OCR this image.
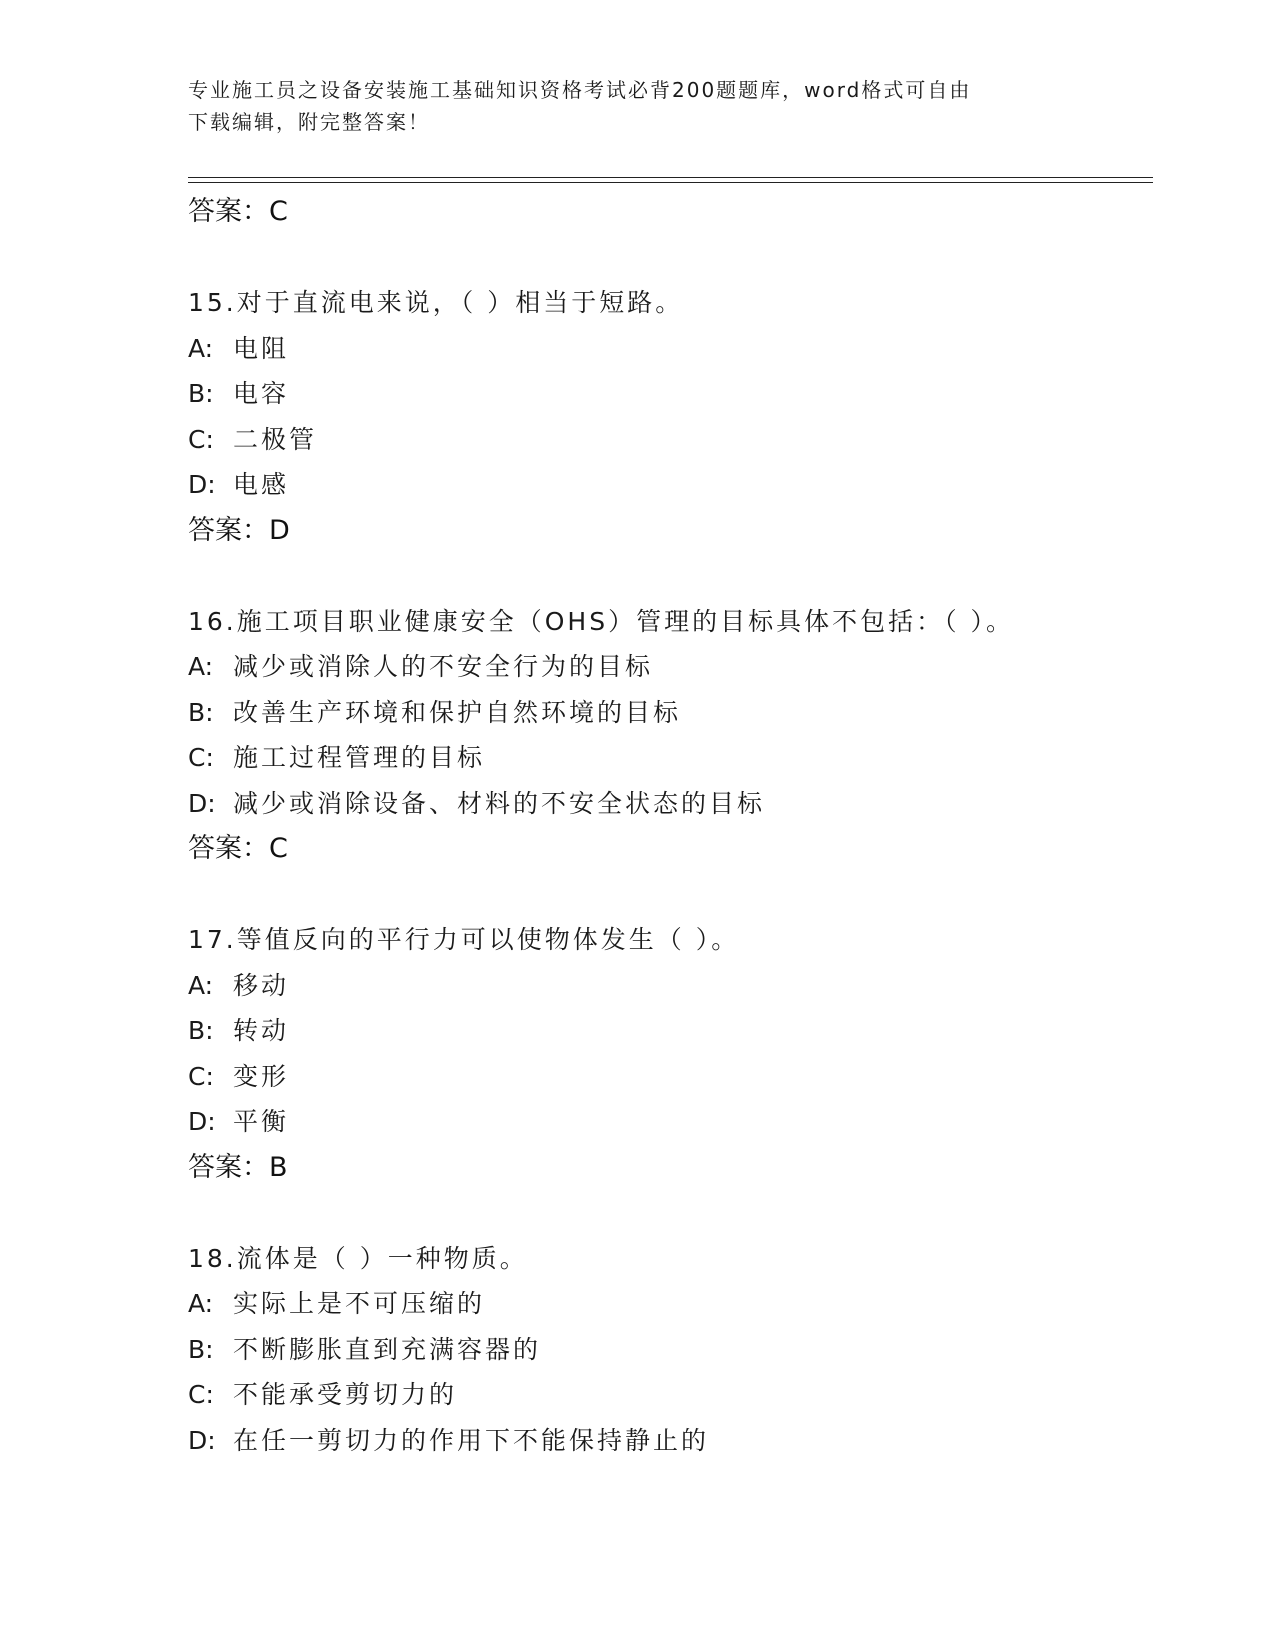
专业施工员之设备安装施工基础知识资格考试必背200题题库，word格式可自由
下载编辑，附完整答案！
答案：C
15.对于直流电来说，（ ）相当于短路。
A: 电阻
B: 电容
C: 二极管
D: 电感
答案：D
16.施工项目职业健康安全（OHS）管理的目标具体不包括：（ ）。
A: 减少或消除人的不安全行为的目标
B: 改善生产环境和保护自然环境的目标
C: 施工过程管理的目标
D: 减少或消除设备、材料的不安全状态的目标
答案：C
17.等值反向的平行力可以使物体发生（ ）。
A: 移动
B: 转动
C: 变形
D: 平衡
答案：B
18.流体是（ ）一种物质。
A: 实际上是不可压缩的
B: 不断膨胀直到充满容器的
C: 不能承受剪切力的
D: 在任一剪切力的作用下不能保持静止的
